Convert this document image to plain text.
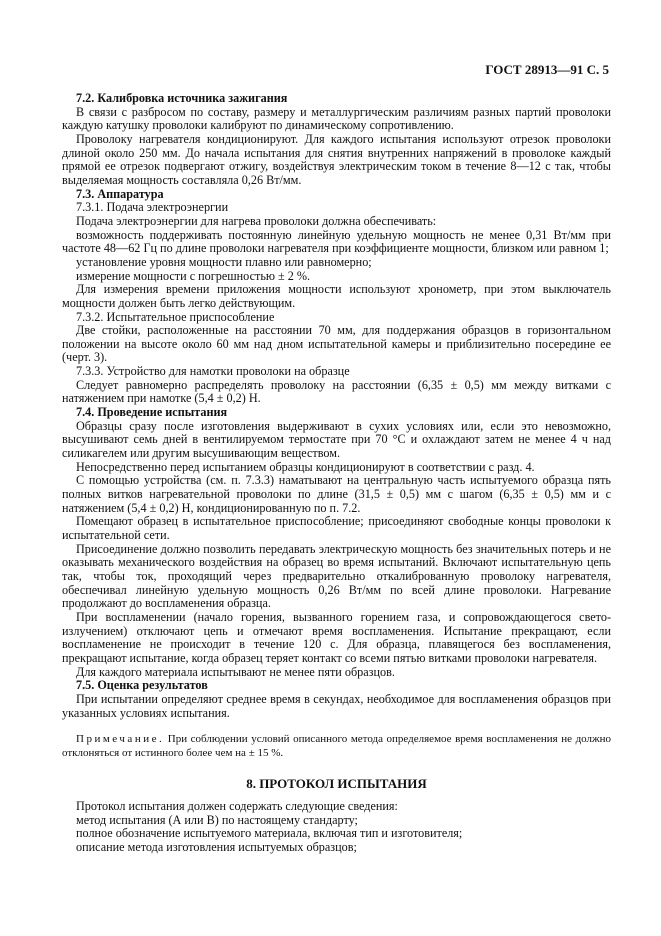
ГОСТ 28913—91 С. 5

7.2. Калибровка источника зажигания

В связи с разбросом по составу, размеру и металлургическим различиям разных партий проволоки каждую катушку проволоки калибруют по динамическому сопротивлению.

Проволоку нагревателя кондиционируют. Для каждого испытания используют отрезок проволоки длиной около 250 мм. До начала испытания для снятия внутренних напряжений в проволоке каждый прямой ее отрезок подвергают отжигу, воздействуя электрическим током в течение 8—12 с так, чтобы выделяемая мощность составляла 0,26 Вт/мм.

7.3. Аппаратура

7.3.1. Подача электроэнергии

Подача электроэнергии для нагрева проволоки должна обеспечивать:

возможность поддерживать постоянную линейную удельную мощность не менее 0,31 Вт/мм при частоте 48—62 Гц по длине проволоки нагревателя при коэффициенте мощности, близком или равном 1;

установление уровня мощности плавно или равномерно;

измерение мощности с погрешностью ± 2 %.

Для измерения времени приложения мощности используют хронометр, при этом выключатель мощности должен быть легко действующим.

7.3.2. Испытательное приспособление

Две стойки, расположенные на расстоянии 70 мм, для поддержания образцов в горизонтальном положении на высоте около 60 мм над дном испытательной камеры и приблизительно посередине ее (черт. 3).

7.3.3. Устройство для намотки проволоки на образце

Следует равномерно распределять проволоку на расстоянии (6,35 ± 0,5) мм между витками с натяжением при намотке (5,4 ± 0,2) Н.

7.4. Проведение испытания

Образцы сразу после изготовления выдерживают в сухих условиях или, если это невозможно, высушивают семь дней в вентилируемом термостате при 70 °С и охлаждают затем не менее 4 ч над силикагелем или другим высушивающим веществом.

Непосредственно перед испытанием образцы кондиционируют в соответствии с разд. 4.

С помощью устройства (см. п. 7.3.3) наматывают на центральную часть испытуемого образца пять полных витков нагревательной проволоки по длине (31,5 ± 0,5) мм с шагом (6,35 ± 0,5) мм и с натяжением (5,4 ± 0,2) Н, кондиционированную по п. 7.2.

Помещают образец в испытательное приспособление; присоединяют свободные концы проволоки к испытательной сети.

Присоединение должно позволить передавать электрическую мощность без значительных потерь и не оказывать механического воздействия на образец во время испытаний. Включают испытательную цепь так, чтобы ток, проходящий через предварительно откалиброванную проволоку нагревателя, обеспечивал линейную удельную мощность 0,26 Вт/мм по всей длине проволоки. Нагревание продолжают до воспламенения образца.

При воспламенении (начало горения, вызванного горением газа, и сопровождающегося светоизлучением) отключают цепь и отмечают время воспламенения. Испытание прекращают, если воспламенение не происходит в течение 120 с. Для образца, плавящегося без воспламенения, прекращают испытание, когда образец теряет контакт со всеми пятью витками проволоки нагревателя.

Для каждого материала испытывают не менее пяти образцов.

7.5. Оценка результатов

При испытании определяют среднее время в секундах, необходимое для воспламенения образцов при указанных условиях испытания.

Примечание. При соблюдении условий описанного метода определяемое время воспламенения не должно отклоняться от истинного более чем на ± 15 %.

8. ПРОТОКОЛ ИСПЫТАНИЯ

Протокол испытания должен содержать следующие сведения:

метод испытания (А или В) по настоящему стандарту;

полное обозначение испытуемого материала, включая тип и изготовителя;

описание метода изготовления испытуемых образцов;
